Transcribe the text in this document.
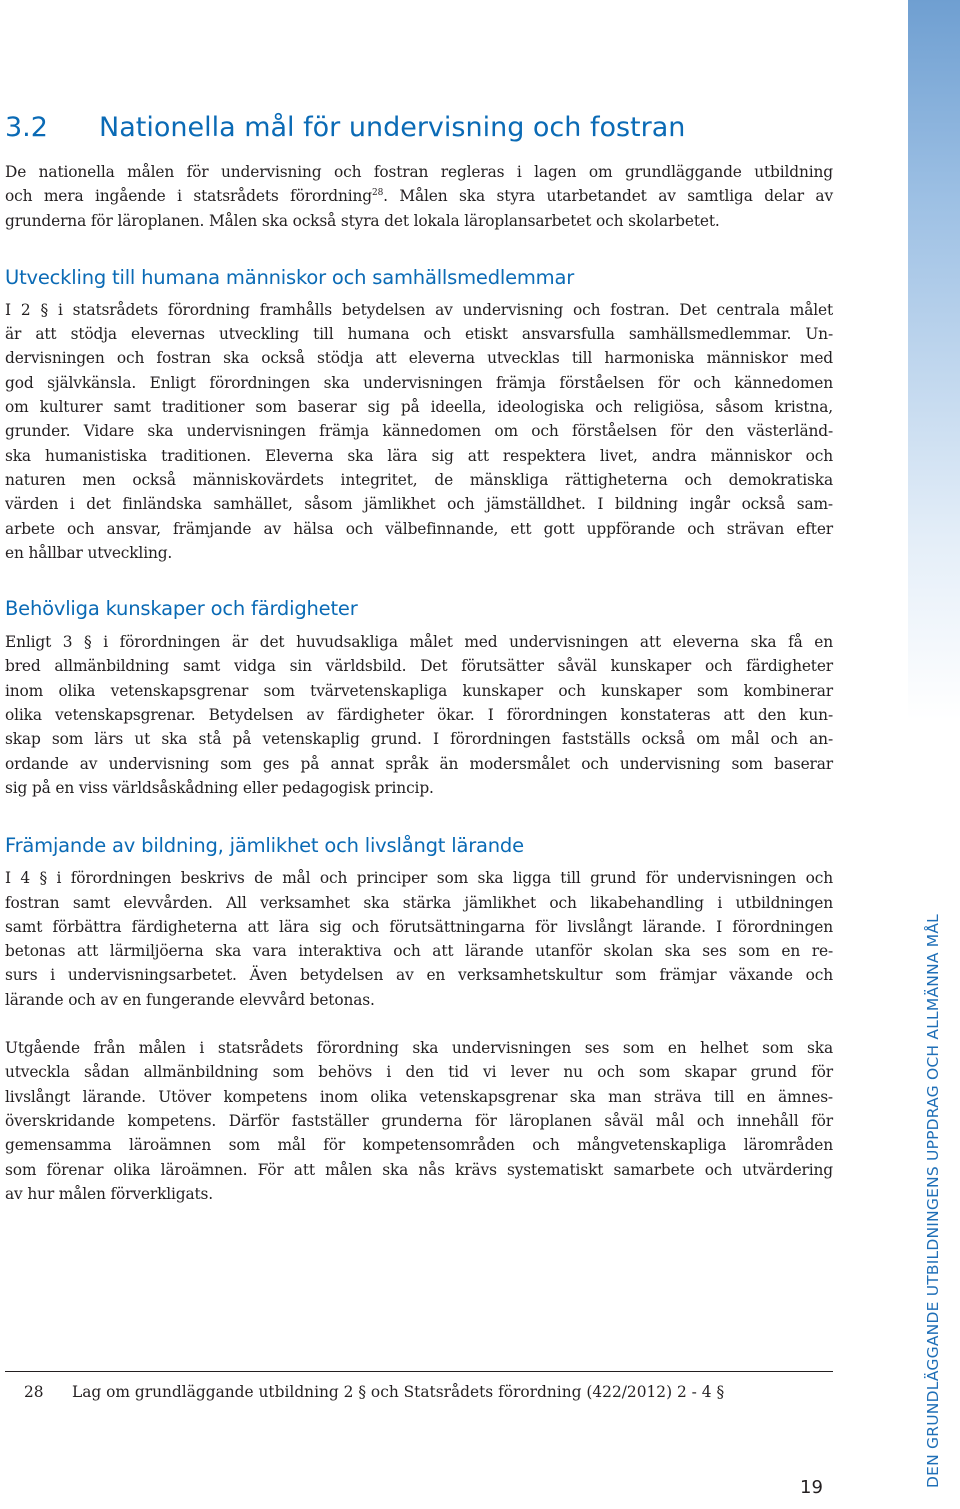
DEN GRUNDLÄGGANDE UTBILDNINGENS UPPDRAG OCH ALLMÄNNA MÅL
3.2	Nationella mål för undervisning och fostran

De nationella målen för undervisning och fostran regleras i lagen om grundläggande utbildning

och mera ingående i statsrådets förordning$^{28}$. Målen ska styra utarbetandet av samtliga delar av

grunderna för läroplanen. Målen ska också styra det lokala läroplansarbetet och skolarbetet.

Utveckling till humana människor och samhällsmedlemmar

I 2 § i statsrådets förordning framhålls betydelsen av undervisning och fostran. Det centrala målet

är att stödja elevernas utveckling till humana och etiskt ansvarsfulla samhällsmedlemmar. Un-

dervisningen och fostran ska också stödja att eleverna utvecklas till harmoniska människor med

god självkänsla. Enligt förordningen ska undervisningen främja förståelsen för och kännedomen

om kulturer samt traditioner som baserar sig på ideella, ideologiska och religiösa, såsom kristna,

grunder. Vidare ska undervisningen främja kännedomen om och förståelsen för den västerländ-

ska humanistiska traditionen. Eleverna ska lära sig att respektera livet, andra människor och

naturen men också människovärdets integritet, de mänskliga rättigheterna och demokratiska

värden i det finländska samhället, såsom jämlikhet och jämställdhet. I bildning ingår också sam-

arbete och ansvar, främjande av hälsa och välbefinnande, ett gott uppförande och strävan efter

en hållbar utveckling.

Behövliga kunskaper och färdigheter

Enligt 3 § i förordningen är det huvudsakliga målet med undervisningen att eleverna ska få en

bred allmänbildning samt vidga sin världsbild. Det förutsätter såväl kunskaper och färdigheter

inom olika vetenskapsgrenar som tvärvetenskapliga kunskaper och kunskaper som kombinerar

olika vetenskapsgrenar. Betydelsen av färdigheter ökar. I förordningen konstateras att den kun-

skap som lärs ut ska stå på vetenskaplig grund. I förordningen fastställs också om mål och an-

ordande av undervisning som ges på annat språk än modersmålet och undervisning som baserar

sig på en viss världsåskådning eller pedagogisk princip.

Främjande av bildning, jämlikhet och livslångt lärande

I 4 § i förordningen beskrivs de mål och principer som ska ligga till grund för undervisningen och

fostran samt elevvården. All verksamhet ska stärka jämlikhet och likabehandling i utbildningen

samt förbättra färdigheterna att lära sig och förutsättningarna för livslångt lärande. I förordningen

betonas att lärmiljöerna ska vara interaktiva och att lärande utanför skolan ska ses som en re-

surs i undervisningsarbetet. Även betydelsen av en verksamhetskultur som främjar växande och

lärande och av en fungerande elevvård betonas.

Utgående från målen i statsrådets förordning ska undervisningen ses som en helhet som ska

utveckla sådan allmänbildning som behövs i den tid vi lever nu och som skapar grund för

livslångt lärande. Utöver kompetens inom olika vetenskapsgrenar ska man sträva till en ämnes-

överskridande kompetens. Därför fastställer grunderna för läroplanen såväl mål och innehåll för

gemensamma läroämnen som mål för kompetensområden och mångvetenskapliga lärområden

som förenar olika läroämnen. För att målen ska nås krävs systematiskt samarbete och utvärdering

av hur målen förverkligats.

28 Lag om grundläggande utbildning 2 § och Statsrådets förordning (422/2012) 2 - 4 §
19
